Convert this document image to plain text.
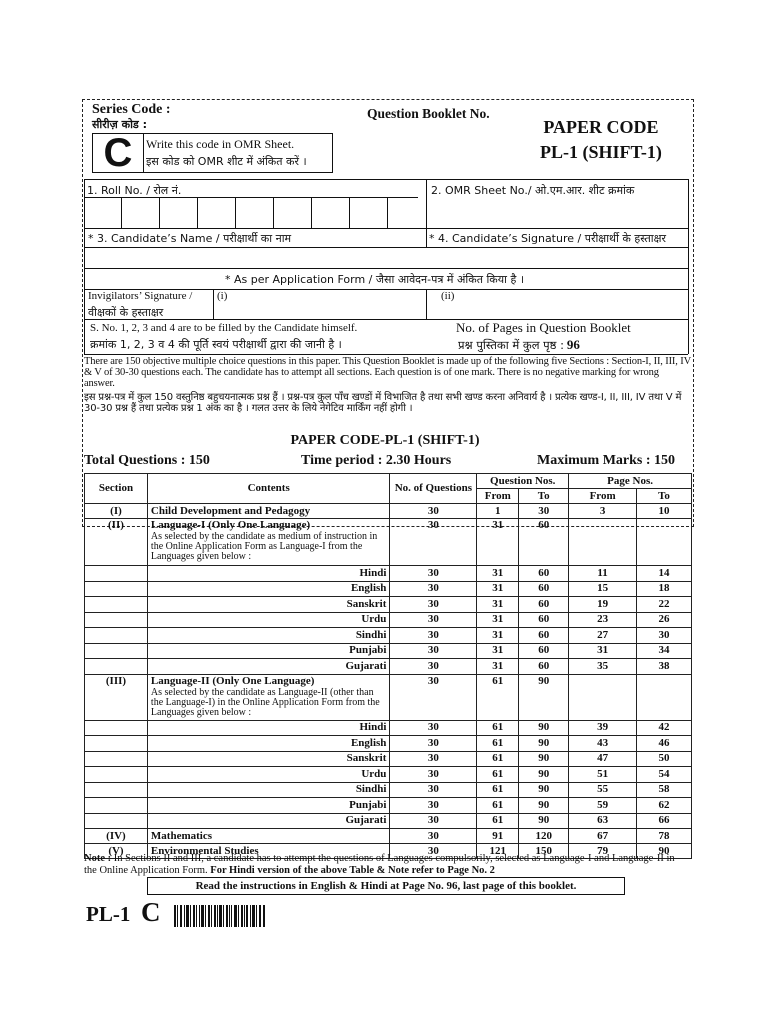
Series Code :
सीरीज़ कोड :
C	Write this code in OMR Sheet.
इस कोड को OMR शीट में अंकित करें ।
Question Booklet No.
PAPER CODE
PL-1 (SHIFT-1)
1. Roll No. / रोल नं.	2. OMR Sheet No./ ओ.एम.आर. शीट क्रमांक
* 3. Candidate’s Name / परीक्षार्थी का नाम	* 4. Candidate’s Signature / परीक्षार्थी के हस्ताक्षर
* As per Application Form / जैसा आवेदन-पत्र में अंकित किया है ।
Invigilators’ Signature /
वीक्षकों के हस्ताक्षर
(i)	(ii)
S. No. 1, 2, 3 and 4 are to be filled by the Candidate himself.
क्रमांक 1, 2, 3 व 4 की पूर्ति स्वयं परीक्षार्थी द्वारा की जानी है ।
No. of Pages in Question Booklet
प्रश्न पुस्तिका में कुल पृष्ठ : 96

There are 150 objective multiple choice questions in this paper. This Question Booklet is made up of the following five Sections : Section-I, II, III, IV & V of 30-30 questions each. The candidate has to attempt all sections. Each question is of one mark. There is no negative marking for wrong answer.

इस प्रश्न-पत्र में कुल 150 वस्तुनिष्ठ बहुचयनात्मक प्रश्न हैं । प्रश्न-पत्र कुल पाँच खण्डों में विभाजित है तथा सभी खण्ड करना अनिवार्य है । प्रत्येक खण्ड-I, II, III, IV तथा V में 30-30 प्रश्न हैं तथा प्रत्येक प्रश्न 1 अंक का है । गलत उत्तर के लिये नेगेटिव मार्किंग नहीं होगी ।

PAPER CODE-PL-1 (SHIFT-1)
Total Questions : 150	Time period : 2.30 Hours	Maximum Marks : 150
Section	Contents	No. of Questions	Question Nos.		Page Nos.	
			From	To	From	To
(I)	Child Development and Pedagogy	30	1	30	3	10
(II)	Language-I (Only One Language)
As selected by the candidate as medium of instruction in the Online Application Form as Language-I from the Languages given below :	30	31	60		
	Hindi	30	31	60	11	14
	English	30	31	60	15	18
	Sanskrit	30	31	60	19	22
	Urdu	30	31	60	23	26
	Sindhi	30	31	60	27	30
	Punjabi	30	31	60	31	34
	Gujarati	30	31	60	35	38
(III)	Language-II (Only One Language)
As selected by the candidate as Language-II (other than the Language-I) in the Online Application Form from the Languages given below :	30	61	90		
	Hindi	30	61	90	39	42
	English	30	61	90	43	46
	Sanskrit	30	61	90	47	50
	Urdu	30	61	90	51	54
	Sindhi	30	61	90	55	58
	Punjabi	30	61	90	59	62
	Gujarati	30	61	90	63	66
(IV)	Mathematics	30	91	120	67	78
(V)	Environmental Studies	30	121	150	79	90
Note : In Sections II and III, a candidate has to attempt the questions of Languages compulsorily, selected as Language-I and Language-II in the Online Application Form. For Hindi version of the above Table & Note refer to Page No. 2
Read the instructions in English & Hindi at Page No. 96, last page of this booklet.
PL-1 C
